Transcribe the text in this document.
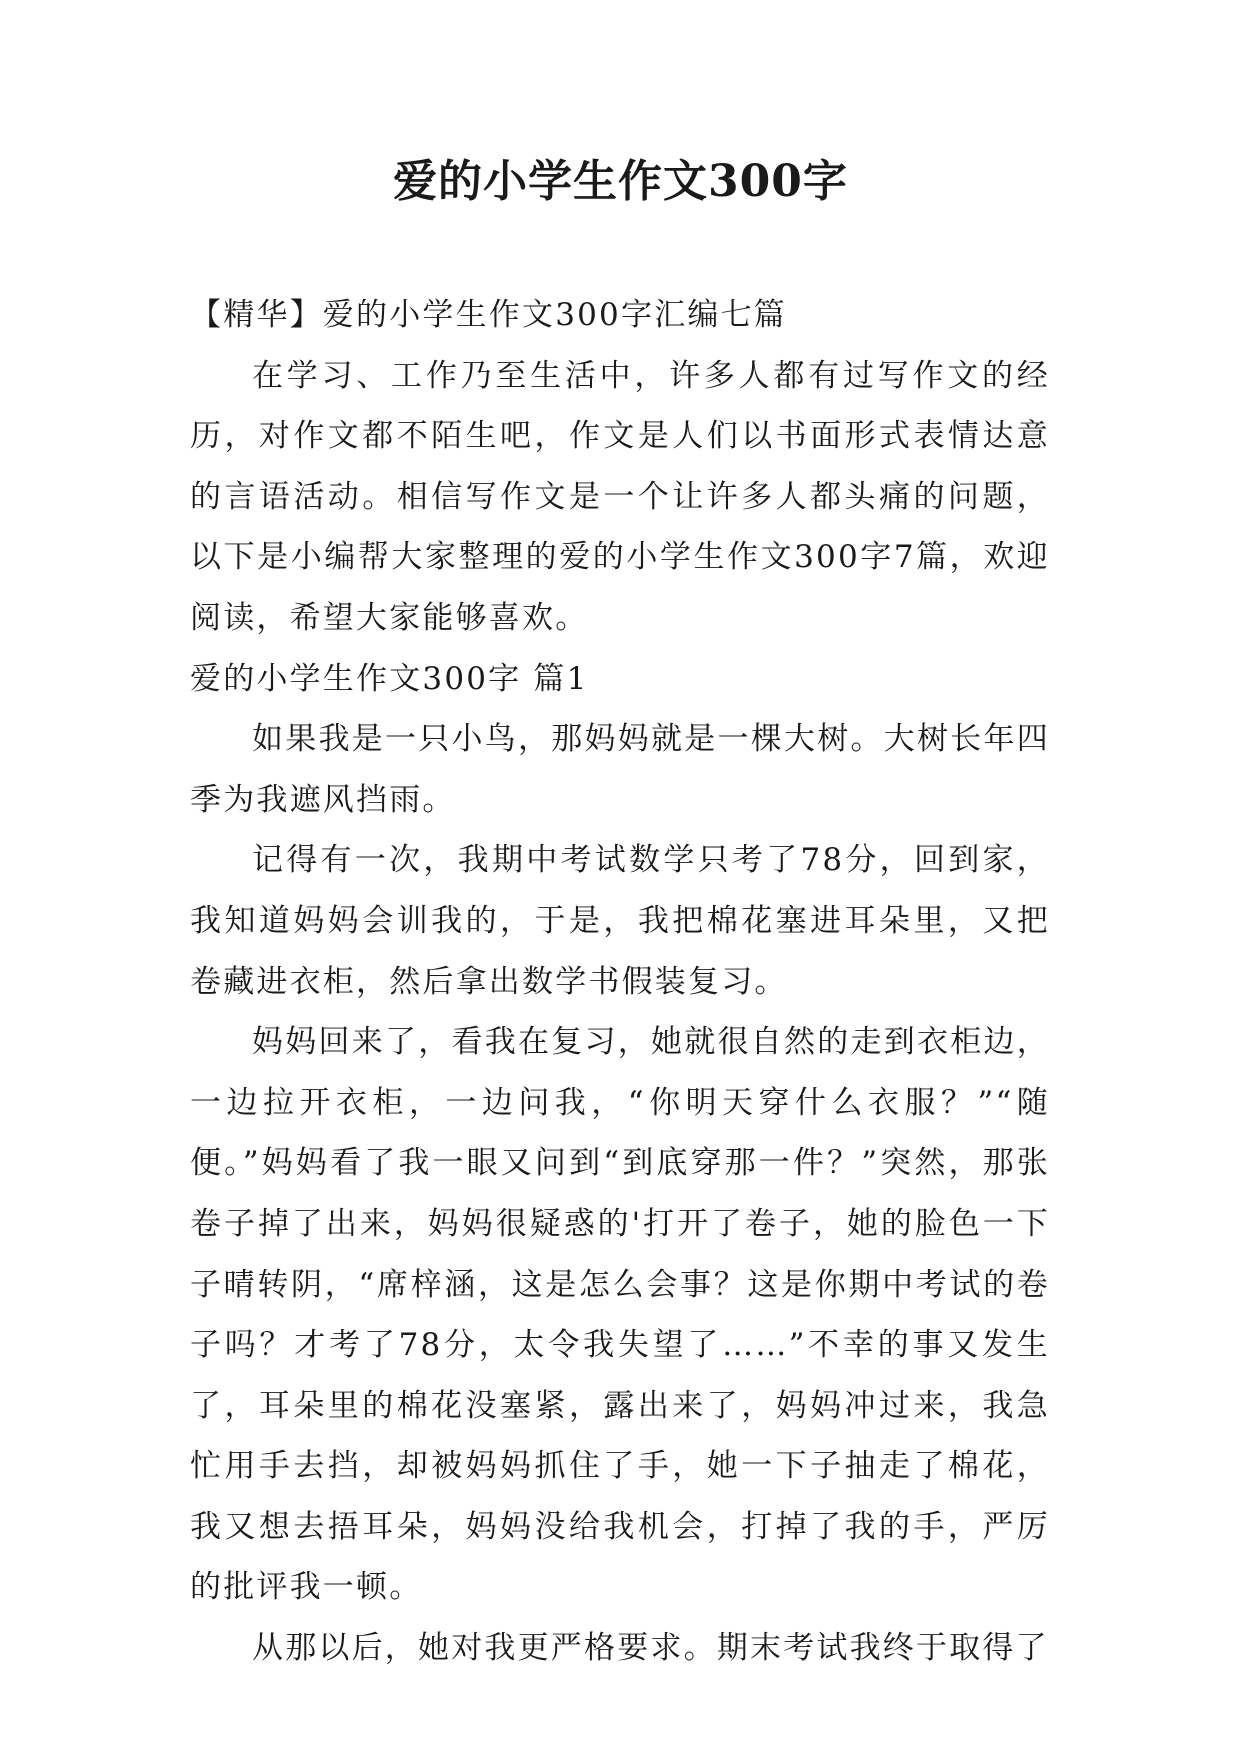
爱的小学生作文300字

【精华】爱的小学生作文300字汇编七篇

在学习、工作乃至生活中，许多人都有过写作文的经历，对作文都不陌生吧，作文是人们以书面形式表情达意的言语活动。相信写作文是一个让许多人都头痛的问题，以下是小编帮大家整理的爱的小学生作文300字7篇，欢迎阅读，希望大家能够喜欢。

爱的小学生作文300字 篇1

如果我是一只小鸟，那妈妈就是一棵大树。大树长年四季为我遮风挡雨。

记得有一次，我期中考试数学只考了78分，回到家，我知道妈妈会训我的，于是，我把棉花塞进耳朵里，又把卷藏进衣柜，然后拿出数学书假装复习。

妈妈回来了，看我在复习，她就很自然的走到衣柜边，一边拉开衣柜，一边问我，“你明天穿什么衣服？”“随便。”妈妈看了我一眼又问到“到底穿那一件？”突然，那张卷子掉了出来，妈妈很疑惑的'打开了卷子，她的脸色一下子晴转阴，“席梓涵，这是怎么会事？这是你期中考试的卷子吗？才考了78分，太令我失望了……”不幸的事又发生了，耳朵里的棉花没塞紧，露出来了，妈妈冲过来，我急忙用手去挡，却被妈妈抓住了手，她一下子抽走了棉花，我又想去捂耳朵，妈妈没给我机会，打掉了我的手，严厉的批评我一顿。

从那以后，她对我更严格要求。期末考试我终于取得了
